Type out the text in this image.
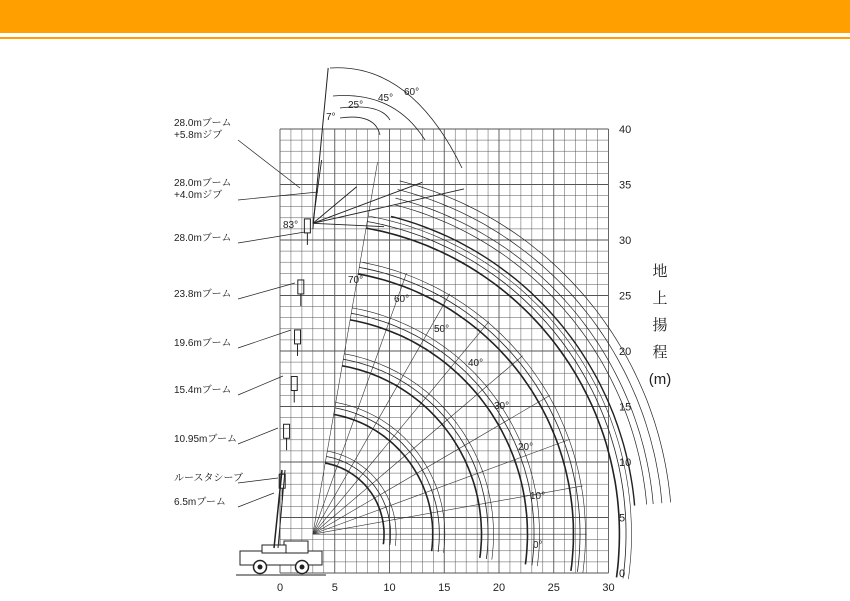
0	5	10	15	20	25	30
0
5
10
15
20
25
30
35
40
地
上
揚
程
(m)
28.0mブーム
+5.8mジブ
28.0mブーム
+4.0mジブ
28.0mブーム
23.8mブーム
19.6mブーム
15.4mブーム
10.95mブーム
ルースタシーブ
6.5mブーム
83°
70°
60°
50°
40°
30°
20°
10°
0°
7°
25°
45°
60°
